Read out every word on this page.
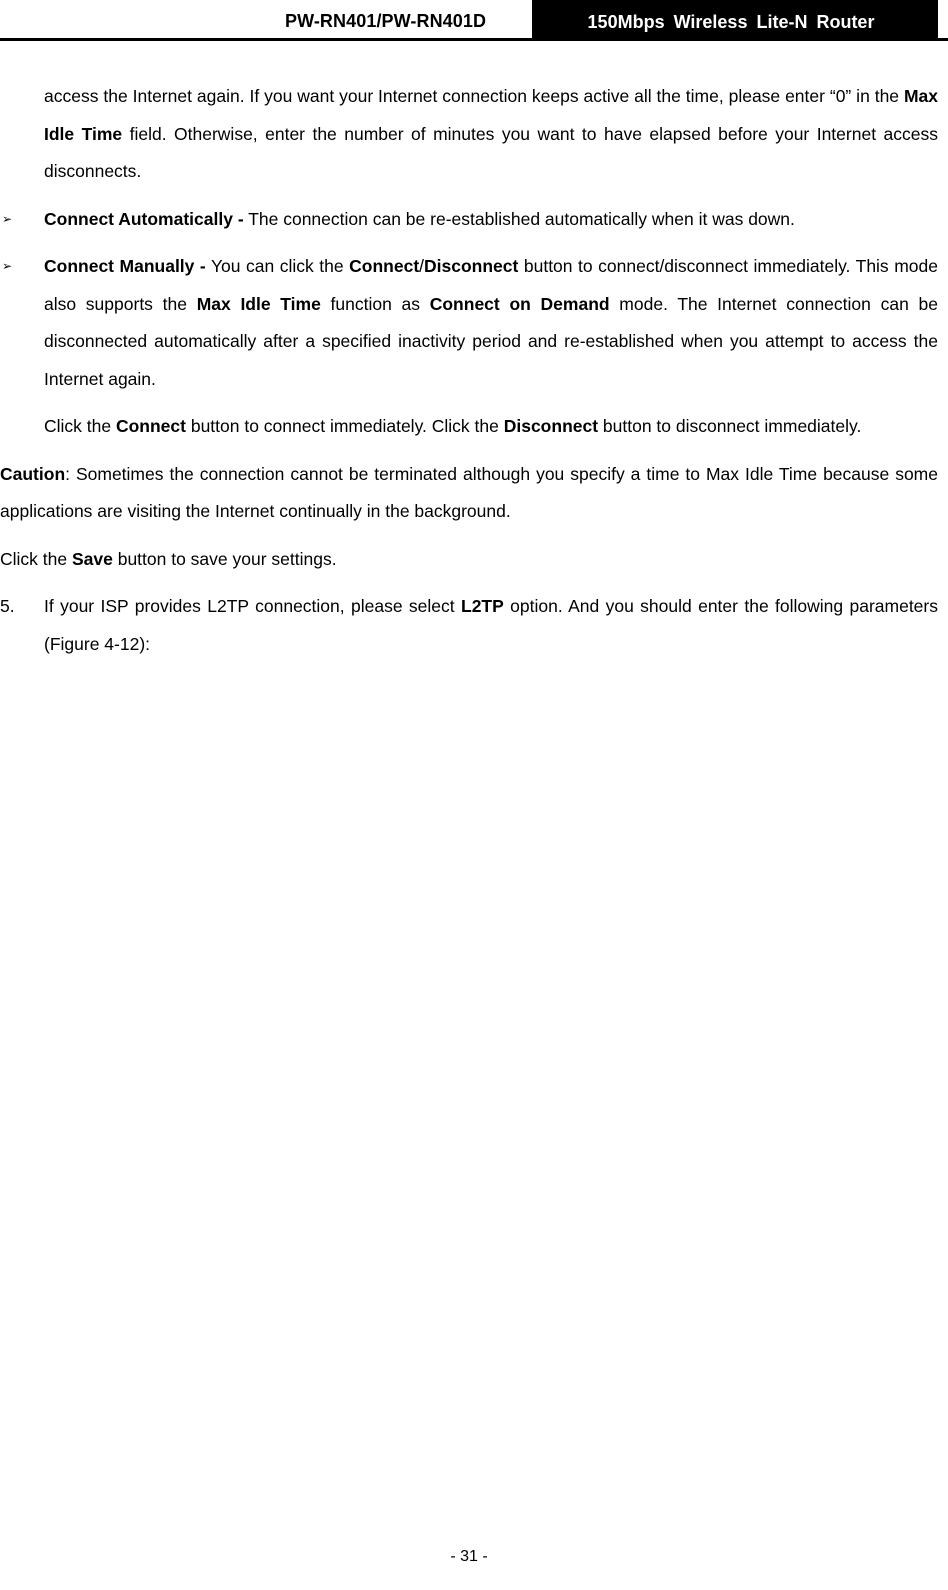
PW-RN401/PW-RN401D	150Mbps Wireless Lite-N Router

access the Internet again. If you want your Internet connection keeps active all the time, please enter “0” in the Max Idle Time field. Otherwise, enter the number of minutes you want to have elapsed before your Internet access disconnects.

➢ Connect Automatically - The connection can be re-established automatically when it was down.

➢ Connect Manually - You can click the Connect/Disconnect button to connect/disconnect immediately. This mode also supports the Max Idle Time function as Connect on Demand mode. The Internet connection can be disconnected automatically after a specified inactivity period and re-established when you attempt to access the Internet again.

Click the Connect button to connect immediately. Click the Disconnect button to disconnect immediately.

Caution: Sometimes the connection cannot be terminated although you specify a time to Max Idle Time because some applications are visiting the Internet continually in the background.

Click the Save button to save your settings.

5. If your ISP provides L2TP connection, please select L2TP option. And you should enter the following parameters (Figure 4-12):

- 31 -
